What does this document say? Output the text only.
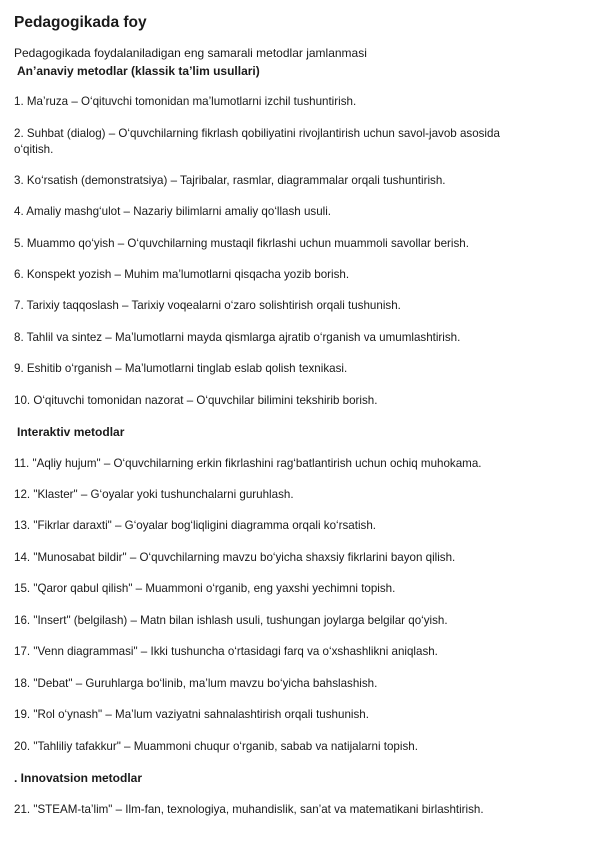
Pedagogikada foy

Pedagogikada foydalaniladigan eng samarali metodlar jamlanmasi

An’anaviy metodlar (klassik ta’lim usullari)

1. Ma’ruza – O‘qituvchi tomonidan ma’lumotlarni izchil tushuntirish.

2. Suhbat (dialog) – O‘quvchilarning fikrlash qobiliyatini rivojlantirish uchun savol-javob asosida o‘qitish.

3. Ko‘rsatish (demonstratsiya) – Tajribalar, rasmlar, diagrammalar orqali tushuntirish.

4. Amaliy mashg‘ulot – Nazariy bilimlarni amaliy qo‘llash usuli.

5. Muammo qo‘yish – O‘quvchilarning mustaqil fikrlashi uchun muammoli savollar berish.

6. Konspekt yozish – Muhim ma’lumotlarni qisqacha yozib borish.

7. Tarixiy taqqoslash – Tarixiy voqealarni o‘zaro solishtirish orqali tushunish.

8. Tahlil va sintez – Ma’lumotlarni mayda qismlarga ajratib o‘rganish va umumlashtirish.

9. Eshitib o‘rganish – Ma’lumotlarni tinglab eslab qolish texnikasi.

10. O‘qituvchi tomonidan nazorat – O‘quvchilar bilimini tekshirib borish.

Interaktiv metodlar

11. "Aqliy hujum" – O‘quvchilarning erkin fikrlashini rag‘batlantirish uchun ochiq muhokama.

12. "Klaster" – G‘oyalar yoki tushunchalarni guruhlash.

13. "Fikrlar daraxti" – G‘oyalar bog‘liqligini diagramma orqali ko‘rsatish.

14. "Munosabat bildir" – O‘quvchilarning mavzu bo‘yicha shaxsiy fikrlarini bayon qilish.

15. "Qaror qabul qilish" – Muammoni o‘rganib, eng yaxshi yechimni topish.

16. "Insert" (belgilash) – Matn bilan ishlash usuli, tushungan joylarga belgilar qo‘yish.

17. "Venn diagrammasi" – Ikki tushuncha o‘rtasidagi farq va o‘xshashlikni aniqlash.

18. "Debat" – Guruhlarga bo‘linib, ma’lum mavzu bo‘yicha bahslashish.

19. "Rol o‘ynash" – Ma’lum vaziyatni sahnalashtirish orqali tushunish.

20. "Tahliliy tafakkur" – Muammoni chuqur o‘rganib, sabab va natijalarni topish.

. Innovatsion metodlar

21. "STEAM-ta’lim" – Ilm-fan, texnologiya, muhandislik, san’at va matematikani birlashtirish.
